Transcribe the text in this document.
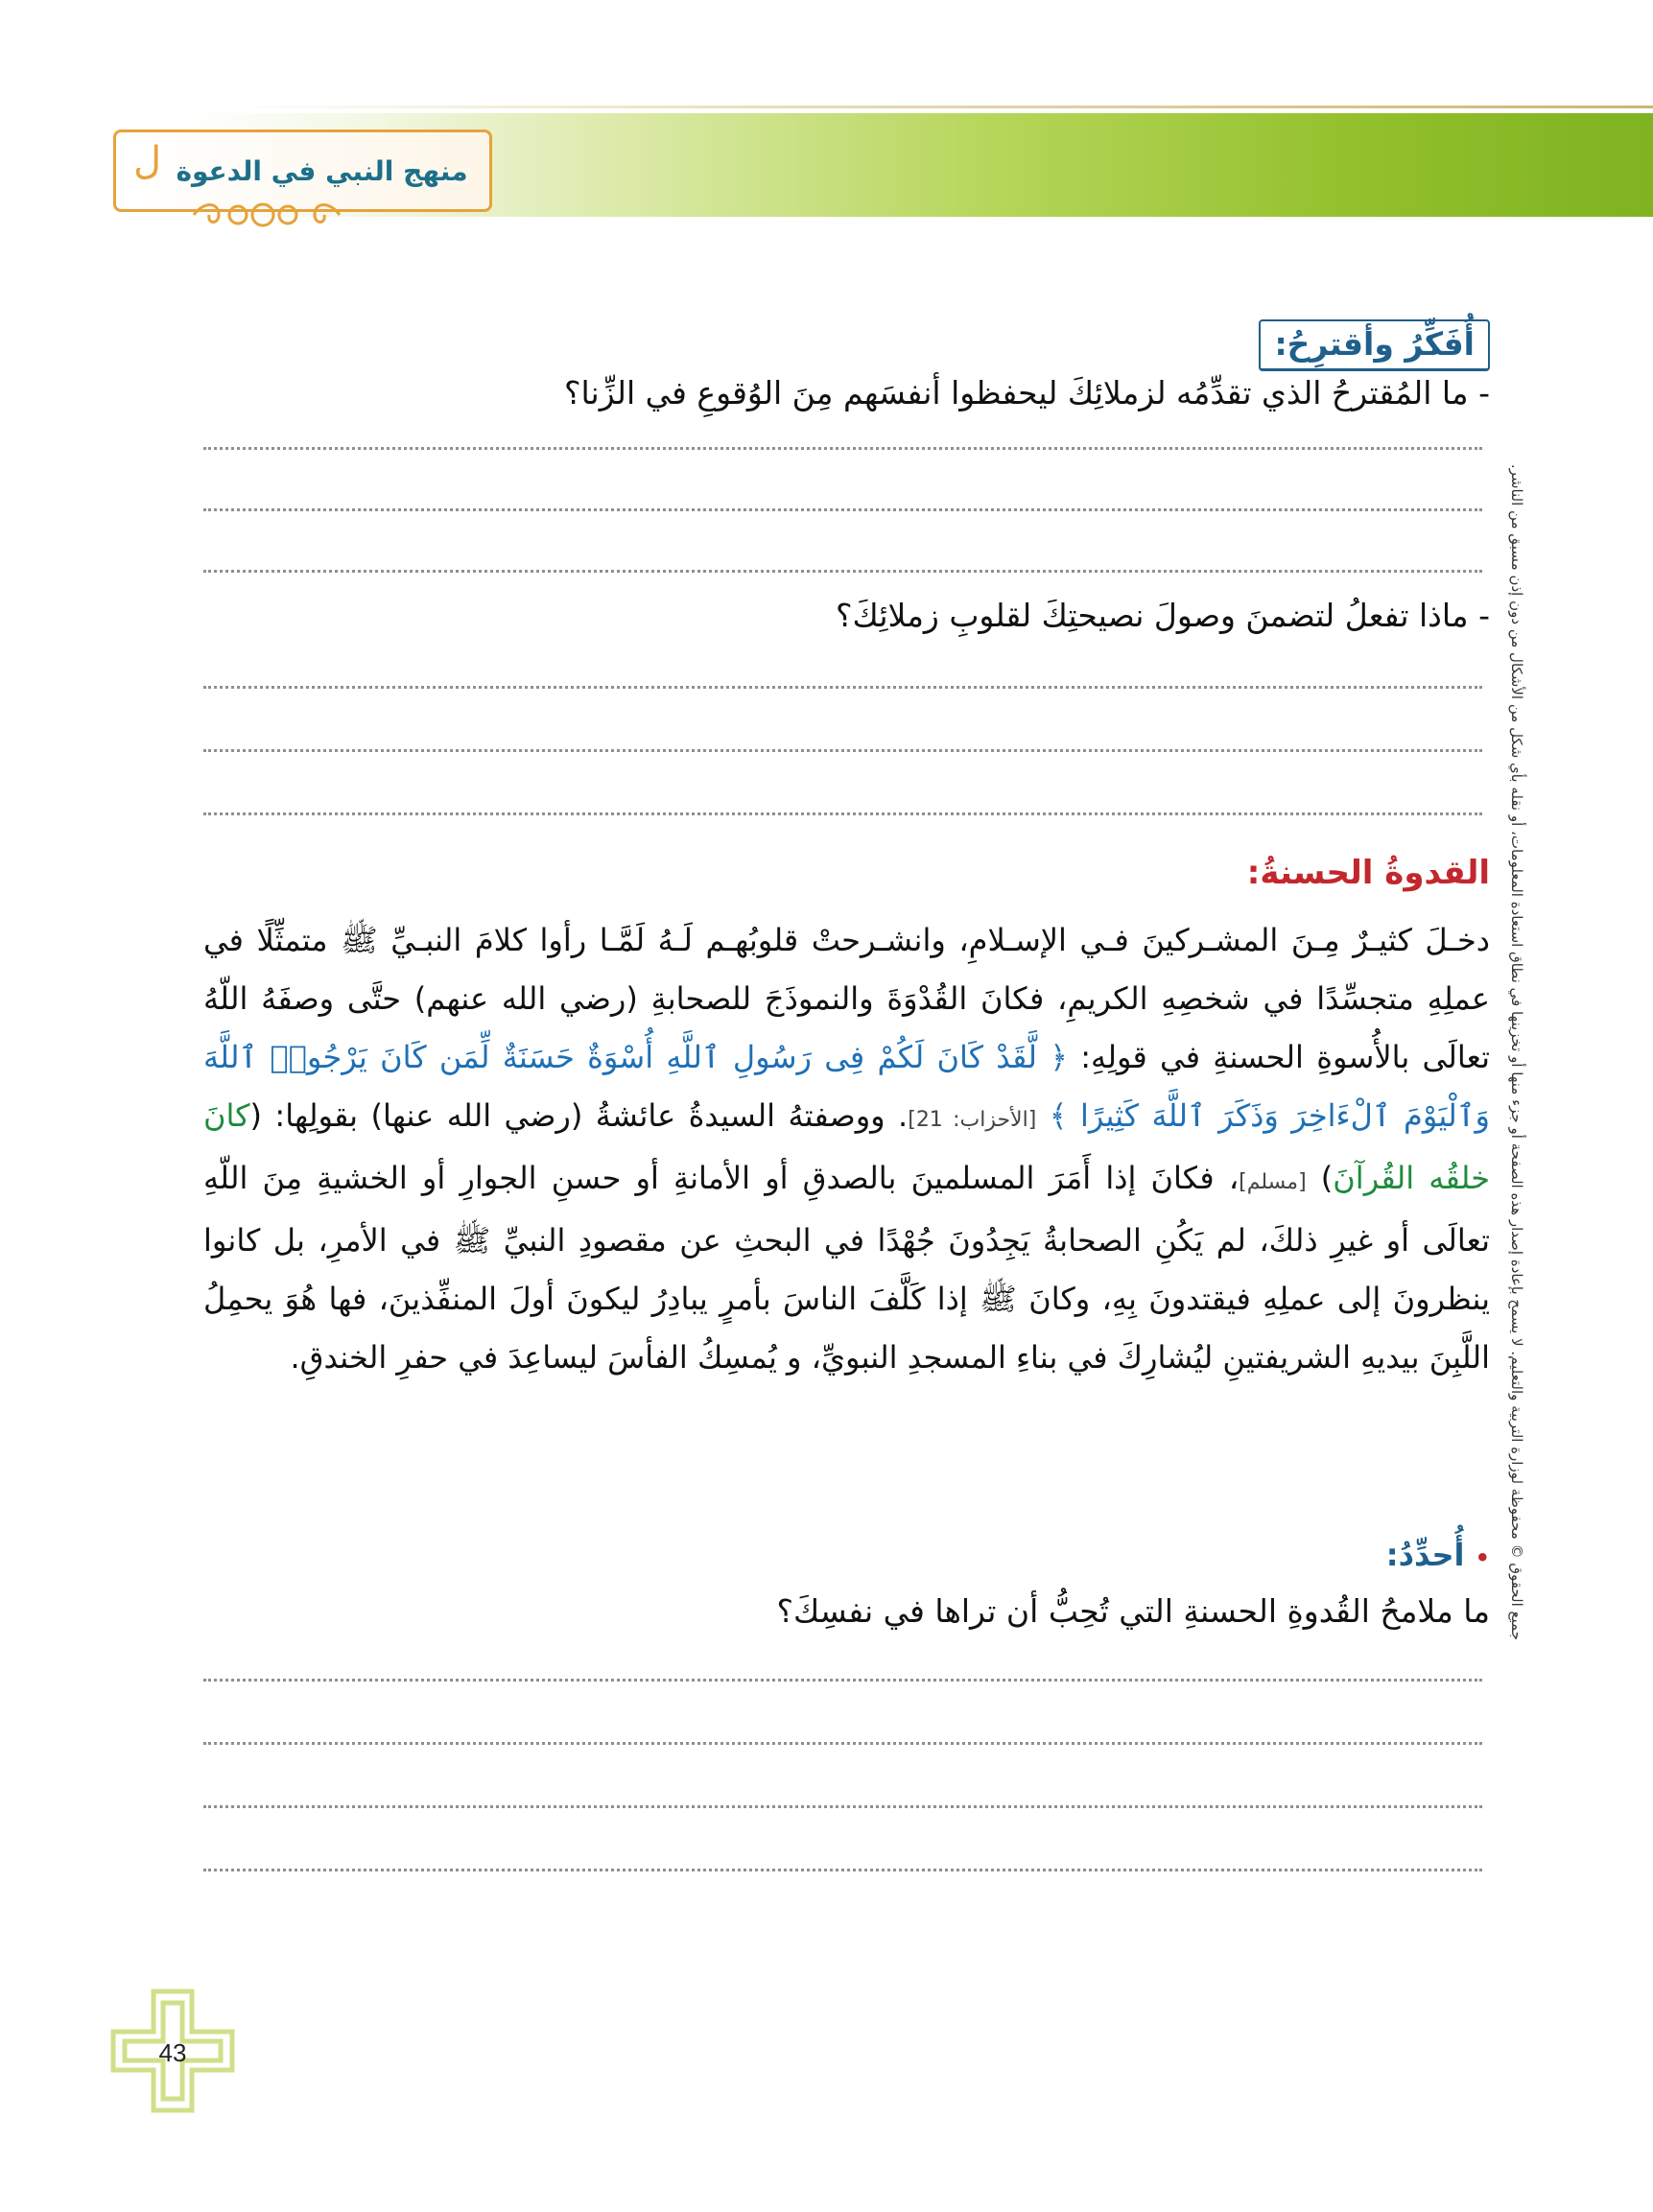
ل منهج النبي في الدعوة
جميع الحقوق © محفوظة لوزارة التربية والتعليم. لا يسمح بإعادة إصدار هذه الصفحة أو جزء منها أو تخزينها في نطاق استعادة المعلومات، أو نقله بأي شكل من الأشكال من دون إذن مسبق من الناشر.
أُفَكِّرُ وأقترِحُ:
- ما المُقترحُ الذي تقدِّمُه لزملائِكَ ليحفظوا أنفسَهم مِنَ الوُقوعِ في الزِّنا؟
- ماذا تفعلُ لتضمنَ وصولَ نصيحتِكَ لقلوبِ زملائِكَ؟
القدوةُ الحسنةُ:

دخـلَ كثيـرٌ مِـنَ المشـركينَ فـي الإسـلامِ، وانشـرحتْ قلوبُهـم لَـهُ لَمَّـا رأوا كلامَ النبـيِّ ﷺ متمثِّلًا في عملِهِ متجسِّدًا في شخصِهِ الكريمِ، فكانَ القُدْوَةَ والنموذَجَ للصحابةِ (رضي الله عنهم) حتَّى وصفَهُ اللّهُ تعالَى بالأُسوةِ الحسنةِ في قولِهِ: ﴿ لَّقَدْ كَانَ لَكُمْ فِى رَسُولِ ٱللَّهِ أُسْوَةٌ حَسَنَةٌ لِّمَن كَانَ يَرْجُوا۟ ٱللَّهَ وَٱلْيَوْمَ ٱلْءَاخِرَ وَذَكَرَ ٱللَّهَ كَثِيرًا ﴾ [الأحزاب: 21]. ووصفتهُ السيدةُ عائشةُ (رضي الله عنها) بقولِها: (كانَ خلقُه القُرآنَ) [مسلم]، فكانَ إذا أَمَرَ المسلمينَ بالصدقِ أو الأمانةِ أو حسنِ الجوارِ أو الخشيةِ مِنَ اللّهِ تعالَى أو غيرِ ذلكَ، لم يَكُنِ الصحابةُ يَجِدُونَ جُهْدًا في البحثِ عن مقصودِ النبيِّ ﷺ في الأمرِ، بل كانوا ينظرونَ إلى عملِهِ فيقتدونَ بِهِ، وكانَ ﷺ إذا كَلَّفَ الناسَ بأمرٍ يبادِرُ ليكونَ أولَ المنفِّذينَ، فها هُوَ يحمِلُ اللَّبِنَ بيديهِ الشريفتينِ ليُشارِكَ في بناءِ المسجدِ النبويِّ، و يُمسِكُ الفأسَ ليساعِدَ في حفرِ الخندقِ.

• أُحدِّدُ:
ما ملامحُ القُدوةِ الحسنةِ التي تُحِبُّ أن تراها في نفسِكَ؟
43
